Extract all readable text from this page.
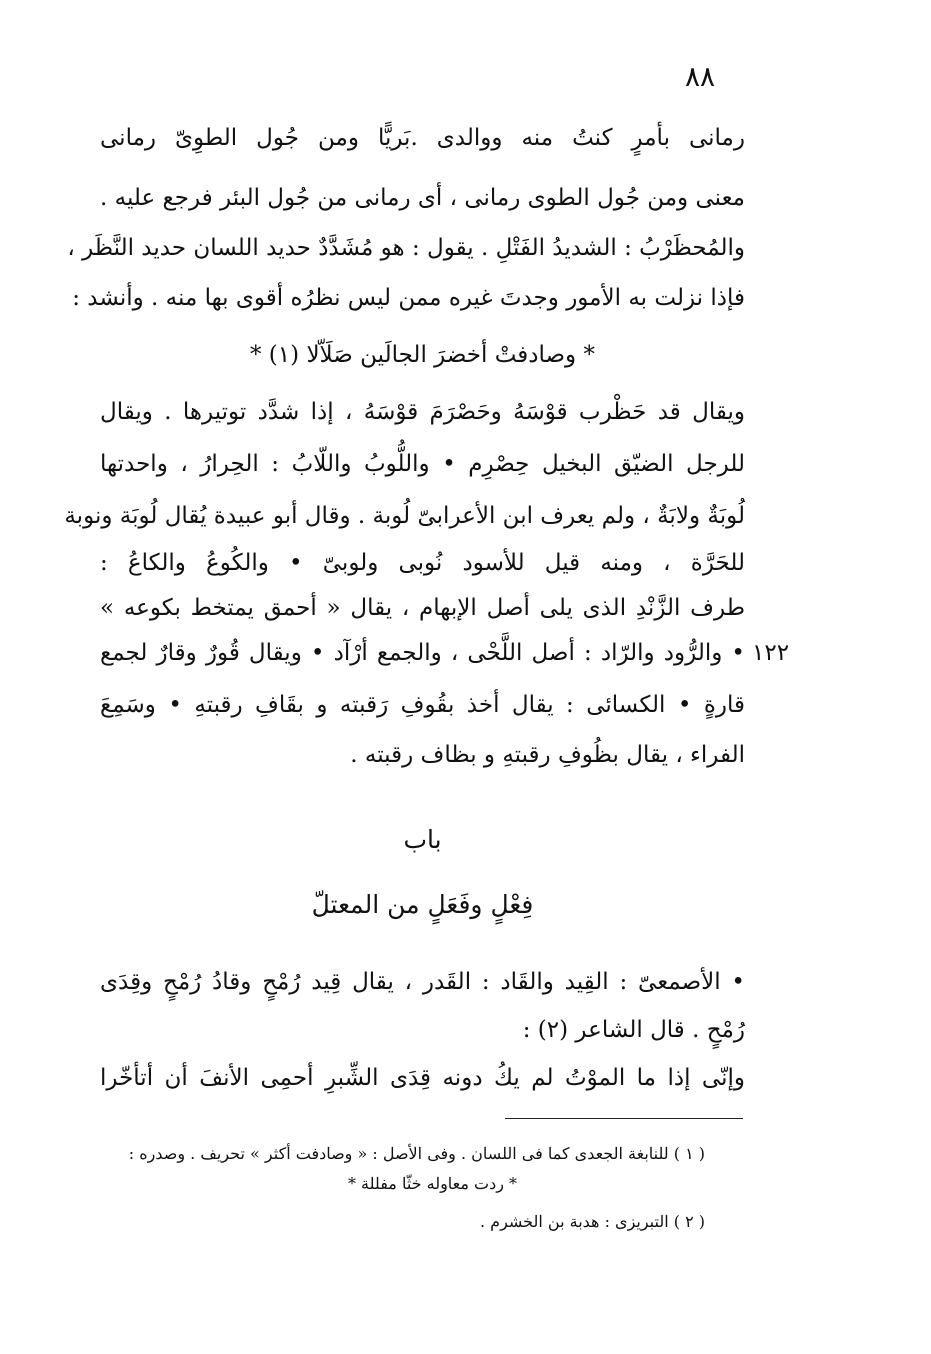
٨٨
رمانى بأمرٍ كنتُ منه ووالدى .بَريًّا ومن جُول الطوِىّ رمانى
معنى ومن جُول الطوى رمانى ، أى رمانى من جُول البئر فرجع عليه .
والمُحظَرْبُ : الشديدُ الفَتْلِ . يقول : هو مُشَدَّدٌ حديد اللسان حديد النَّظَر ،
فإذا نزلت به الأمور وجدتَ غيره ممن ليس نظرُه أقوى بها منه . وأنشد :
* وصادفتْ أخضرَ الجالَين صَلَاّلا (١) *
ويقال قد حَظْرب قوْسَهُ وحَصْرَمَ قوْسَهُ ، إذا شدَّد توتيرها . ويقال
للرجل الضيّق البخيل حِصْرِم • واللُّوبُ واللّابُ : الحِرارُ ، واحدتها
لُوبَةٌ ولابَةٌ ، ولم يعرف ابن الأعرابىّ لُوبة . وقال أبو عبيدة يُقال لُوبَة ونوبة
للحَرَّة ، ومنه قيل للأسود نُوبى ولوبىّ • والكُوعُ والكاعُ :
طرف الزَّنْدِ الذى يلى أصل الإبهام ، يقال « أحمق يمتخط بكوعه »
• والرُّود والرّاد : أصل اللَّحْى ، والجمع أرْآد • ويقال قُورٌ وقارٌ لجمع
قارةٍ • الكسائى : يقال أخذ بقُوفِ رَقبته و بقَافِ رقبتهِ • وسَمِعَ
الفراء ، يقال بظُوفِ رقبتهِ و بظاف رقبته .
١٢٢
باب
فِعْلٍ وفَعَلٍ من المعتلّ
• الأصمعىّ : القِيد والقَاد : القَدر ، يقال قِيد رُمْحٍ وقادُ رُمْحٍ وقِدَى
رُمْحٍ . قال الشاعر (٢) :
وإنّى إذا ما الموْتُ لم يكُ دونه قِدَى الشِّبرِ أحمِى الأنفَ أن أتأخّرا
( ١ ) للنابغة الجعدى كما فى اللسان . وفى الأصل : « وصادفت أكثر » تحريف . وصدره :
* ردت معاوله خثّا مفللة *
( ٢ ) التبريزى : هدبة بن الخشرم .
